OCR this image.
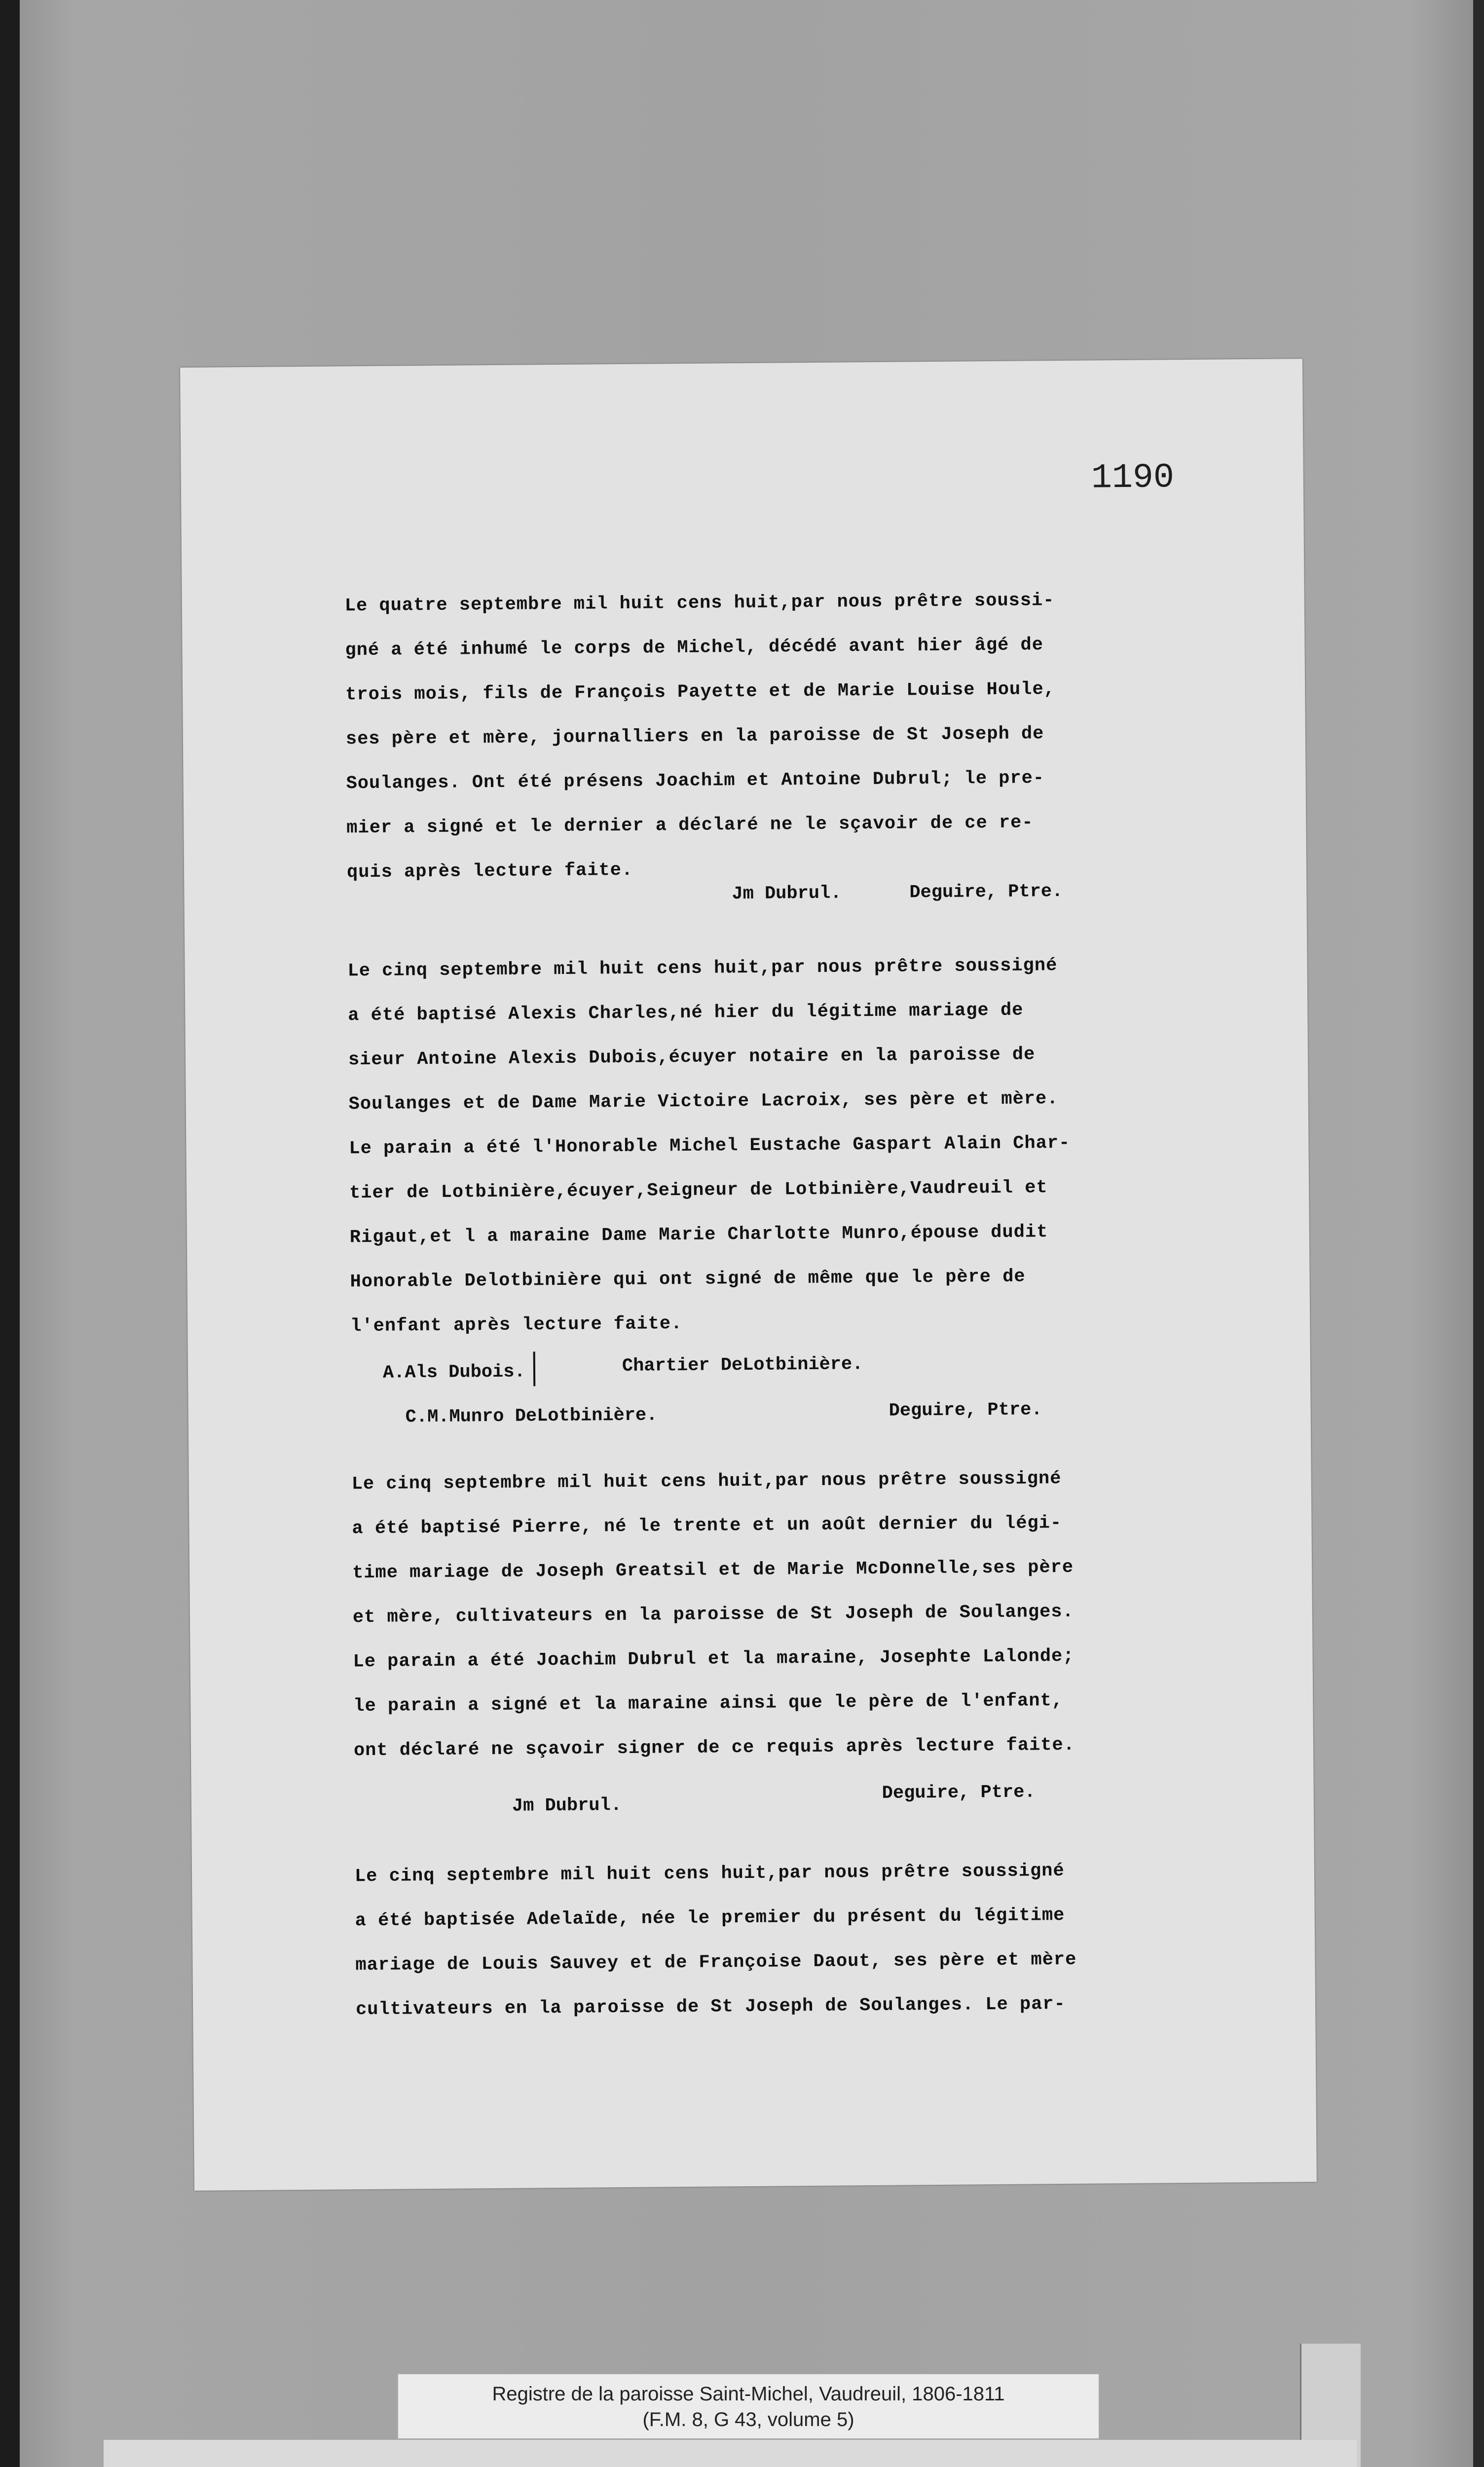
1190
Le quatre septembre mil huit cens huit,par nous prêtre soussi-
gné a été inhumé le corps de Michel, décédé avant hier âgé de
trois mois, fils de François Payette et de Marie Louise Houle,
ses père et mère, journalliers en la paroisse de St Joseph de
Soulanges. Ont été présens Joachim et Antoine Dubrul; le pre-
mier a signé et le dernier a déclaré ne le sçavoir de ce re-
quis après lecture faite.
Jm Dubrul.	Deguire, Ptre.
Le cinq septembre mil huit cens huit,par nous prêtre soussigné
a été baptisé Alexis Charles,né hier du légitime mariage de
sieur Antoine Alexis Dubois,écuyer notaire en la paroisse de
Soulanges et de Dame Marie Victoire Lacroix, ses père et mère.
Le parain a été l'Honorable Michel Eustache Gaspart Alain Char-
tier de Lotbinière,écuyer,Seigneur de Lotbinière,Vaudreuil et
Rigaut,et l a maraine Dame Marie Charlotte Munro,épouse dudit
Honorable Delotbinière qui ont signé de même que le père de
l'enfant après lecture faite.
A.Als Dubois.	Chartier DeLotbinière.
C.M.Munro DeLotbinière.	Deguire, Ptre.
Le cinq septembre mil huit cens huit,par nous prêtre soussigné
a été baptisé Pierre, né le trente et un août dernier du légi-
time mariage de Joseph Greatsil et de Marie McDonnelle,ses père
et mère, cultivateurs en la paroisse de St Joseph de Soulanges.
Le parain a été Joachim Dubrul et la maraine, Josephte Lalonde;
le parain a signé et la maraine ainsi que le père de l'enfant,
ont déclaré ne sçavoir signer de ce requis après lecture faite.
Jm Dubrul.
Deguire, Ptre.
Le cinq septembre mil huit cens huit,par nous prêtre soussigné
a été baptisée Adelaïde, née le premier du présent du légitime
mariage de Louis Sauvey et de Françoise Daout, ses père et mère
cultivateurs en la paroisse de St Joseph de Soulanges. Le par-
Registre de la paroisse Saint-Michel, Vaudreuil, 1806-1811
(F.M. 8, G 43, volume 5)
